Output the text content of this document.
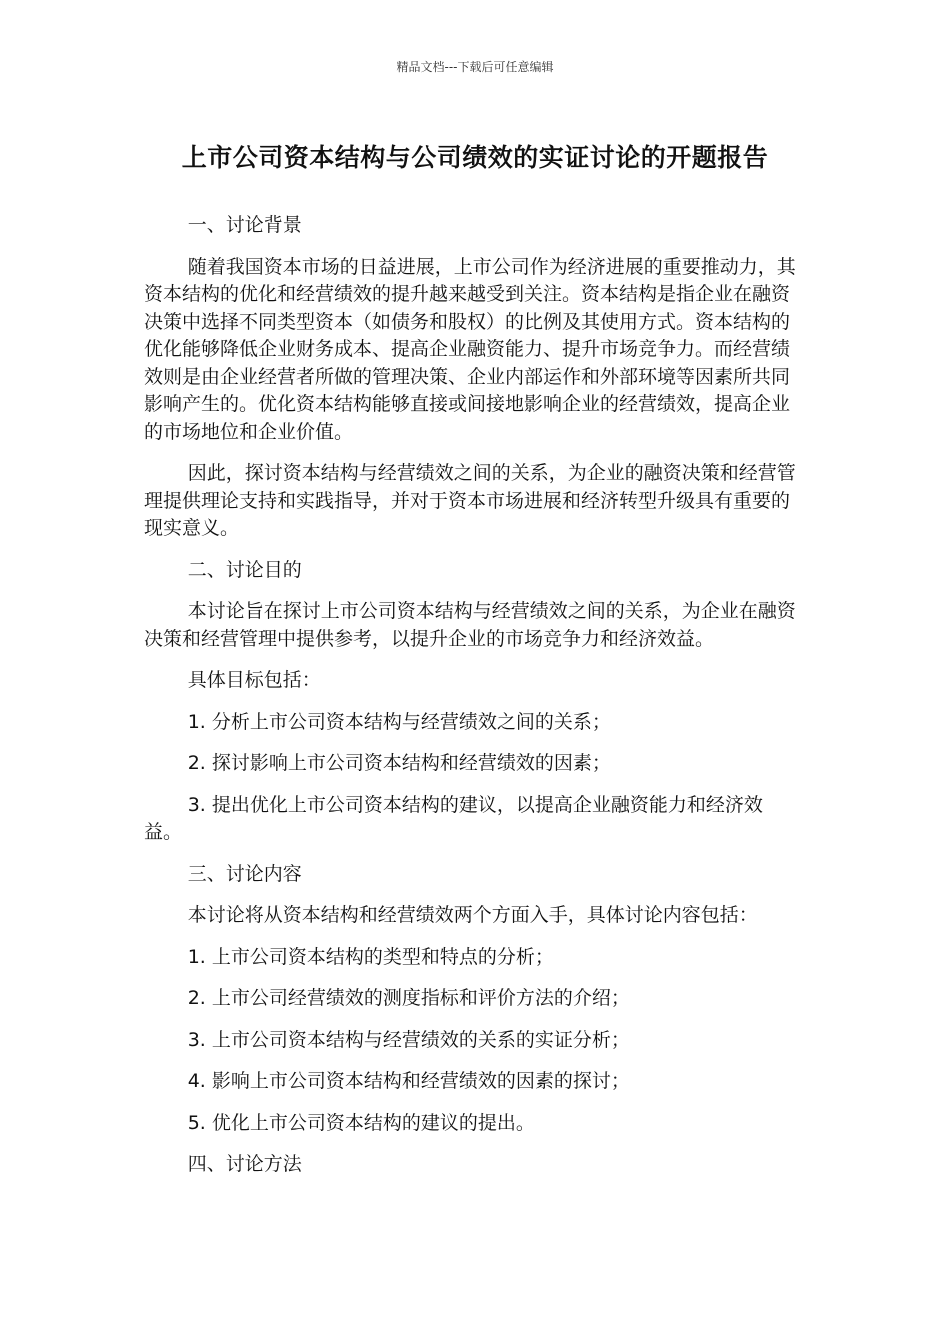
精品文档---下载后可任意编辑
上市公司资本结构与公司绩效的实证讨论的开题报告

一、讨论背景

随着我国资本市场的日益进展，上市公司作为经济进展的重要推动力，其资本结构的优化和经营绩效的提升越来越受到关注。资本结构是指企业在融资决策中选择不同类型资本（如债务和股权）的比例及其使用方式。资本结构的优化能够降低企业财务成本、提高企业融资能力、提升市场竞争力。而经营绩效则是由企业经营者所做的管理决策、企业内部运作和外部环境等因素所共同影响产生的。优化资本结构能够直接或间接地影响企业的经营绩效，提高企业的市场地位和企业价值。

因此，探讨资本结构与经营绩效之间的关系，为企业的融资决策和经营管理提供理论支持和实践指导，并对于资本市场进展和经济转型升级具有重要的现实意义。

二、讨论目的

本讨论旨在探讨上市公司资本结构与经营绩效之间的关系，为企业在融资决策和经营管理中提供参考，以提升企业的市场竞争力和经济效益。

具体目标包括：

1. 分析上市公司资本结构与经营绩效之间的关系；

2. 探讨影响上市公司资本结构和经营绩效的因素；

3. 提出优化上市公司资本结构的建议，以提高企业融资能力和经济效益。

三、讨论内容

本讨论将从资本结构和经营绩效两个方面入手，具体讨论内容包括：

1. 上市公司资本结构的类型和特点的分析；

2. 上市公司经营绩效的测度指标和评价方法的介绍；

3. 上市公司资本结构与经营绩效的关系的实证分析；

4. 影响上市公司资本结构和经营绩效的因素的探讨；

5. 优化上市公司资本结构的建议的提出。

四、讨论方法
